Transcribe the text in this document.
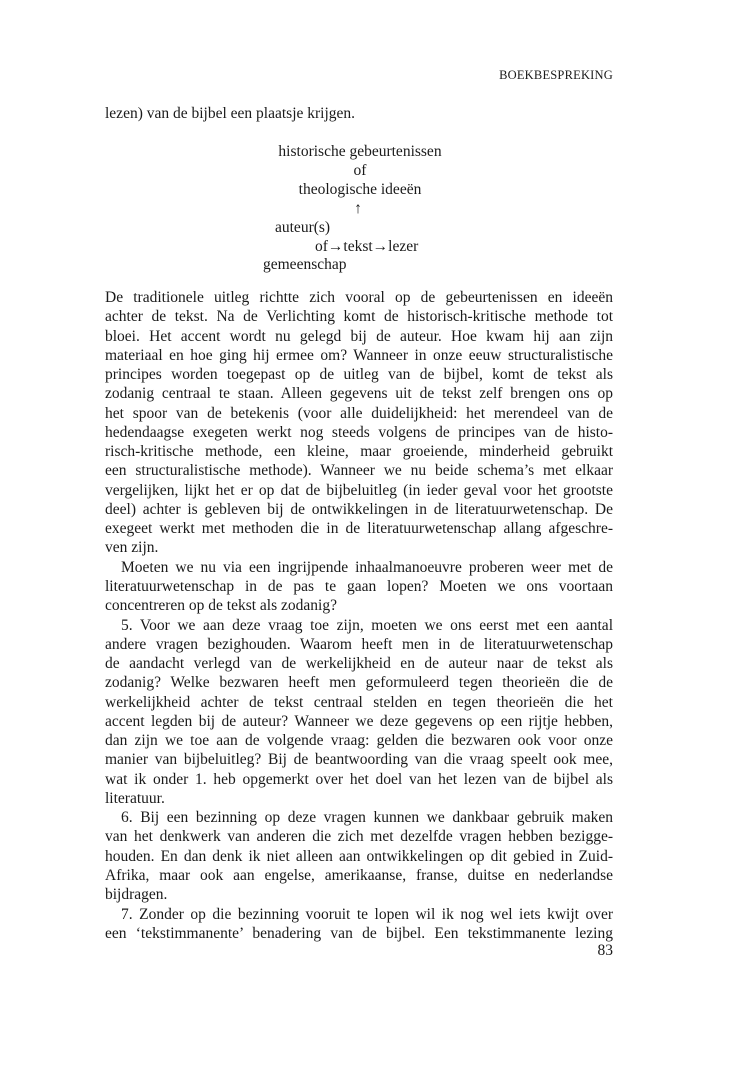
BOEKBESPREKING
lezen) van de bijbel een plaatsje krijgen.
historische gebeurtenissen
of
theologische ideeën
↑
auteur(s)
of→tekst→lezer
gemeenschap
De traditionele uitleg richtte zich vooral op de gebeurtenissen en ideeën
achter de tekst. Na de Verlichting komt de historisch-kritische methode tot
bloei. Het accent wordt nu gelegd bij de auteur. Hoe kwam hij aan zijn
materiaal en hoe ging hij ermee om? Wanneer in onze eeuw structuralistische
principes worden toegepast op de uitleg van de bijbel, komt de tekst als
zodanig centraal te staan. Alleen gegevens uit de tekst zelf brengen ons op
het spoor van de betekenis (voor alle duidelijkheid: het merendeel van de
hedendaagse exegeten werkt nog steeds volgens de principes van de histo-
risch-kritische methode, een kleine, maar groeiende, minderheid gebruikt
een structuralistische methode). Wanneer we nu beide schema’s met elkaar
vergelijken, lijkt het er op dat de bijbeluitleg (in ieder geval voor het grootste
deel) achter is gebleven bij de ontwikkelingen in de literatuurwetenschap. De
exegeet werkt met methoden die in de literatuurwetenschap allang afgeschre-
ven zijn.
Moeten we nu via een ingrijpende inhaalmanoeuvre proberen weer met de
literatuurwetenschap in de pas te gaan lopen? Moeten we ons voortaan
concentreren op de tekst als zodanig?
5. Voor we aan deze vraag toe zijn, moeten we ons eerst met een aantal
andere vragen bezighouden. Waarom heeft men in de literatuurwetenschap
de aandacht verlegd van de werkelijkheid en de auteur naar de tekst als
zodanig? Welke bezwaren heeft men geformuleerd tegen theorieën die de
werkelijkheid achter de tekst centraal stelden en tegen theorieën die het
accent legden bij de auteur? Wanneer we deze gegevens op een rijtje hebben,
dan zijn we toe aan de volgende vraag: gelden die bezwaren ook voor onze
manier van bijbeluitleg? Bij de beantwoording van die vraag speelt ook mee,
wat ik onder 1. heb opgemerkt over het doel van het lezen van de bijbel als
literatuur.
6. Bij een bezinning op deze vragen kunnen we dankbaar gebruik maken
van het denkwerk van anderen die zich met dezelfde vragen hebben bezigge-
houden. En dan denk ik niet alleen aan ontwikkelingen op dit gebied in Zuid-
Afrika, maar ook aan engelse, amerikaanse, franse, duitse en nederlandse
bijdragen.
7. Zonder op die bezinning vooruit te lopen wil ik nog wel iets kwijt over
een ‘tekstimmanente’ benadering van de bijbel. Een tekstimmanente lezing
83
